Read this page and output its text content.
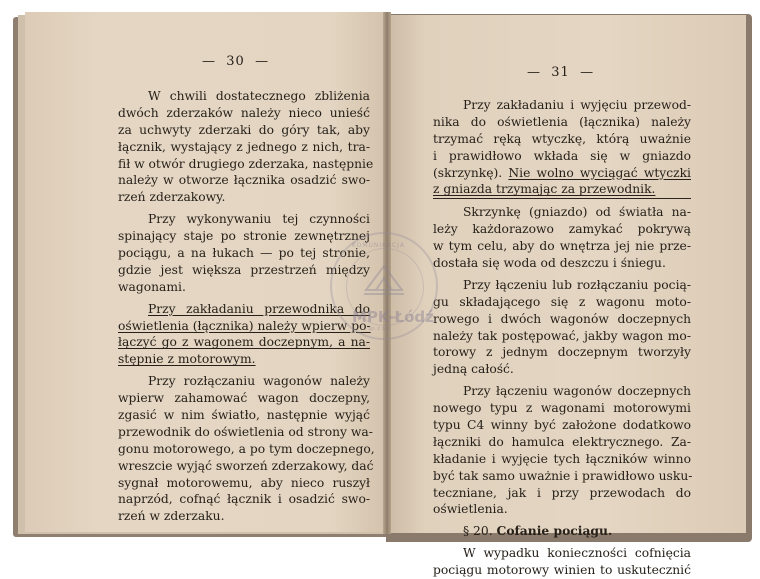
—  30  —
W chwili dostatecznego zbliżenia
dwóch zderzaków należy nieco unieść
za uchwyty zderzaki do góry tak, aby
łącznik, wystający z jednego z nich, tra-
fił w otwór drugiego zderzaka, następnie
należy w otworze łącznika osadzić swo-
rzeń zderzakowy.
Przy wykonywaniu tej czynności
spinający staje po stronie zewnętrznej
pociągu, a na łukach — po tej stronie,
gdzie jest większa przestrzeń między
wagonami.
Przy zakładaniu przewodnika do
oświetlenia (łącznika) należy wpierw po-
łączyć go z wagonem doczepnym, a na-
stępnie z motorowym.
Przy rozłączaniu wagonów należy
wpierw zahamować wagon doczepny,
zgasić w nim światło, następnie wyjąć
przewodnik do oświetlenia od strony wa-
gonu motorowego, a po tym doczepnego,
wreszcie wyjąć sworzeń zderzakowy, dać
sygnał motorowemu, aby nieco ruszył
naprzód, cofnąć łącznik i osadzić swo-
rzeń w zderzaku.
—  31  —
Przy zakładaniu i wyjęciu przewod-
nika do oświetlenia (łącznika) należy
trzymać ręką wtyczkę, którą uważnie
i prawidłowo wkłada się w gniazdo
(skrzynkę). Nie wolno wyciągać wtyczki
z gniazda trzymając za przewodnik.
Skrzynkę (gniazdo) od światła na-
leży każdorazowo zamykać pokrywą
w tym celu, aby do wnętrza jej nie prze-
dostała się woda od deszczu i śniegu.
Przy łączeniu lub rozłączaniu pocią-
gu składającego się z wagonu moto-
rowego i dwóch wagonów doczepnych
należy tak postępować, jakby wagon mo-
torowy z jednym doczepnym tworzyły
jedną całość.
Przy łączeniu wagonów doczepnych
nowego typu z wagonami motorowymi
typu C4 winny być założone dodatkowo
łączniki do hamulca elektrycznego. Za-
kładanie i wyjęcie tych łączników winno
być tak samo uważnie i prawidłowo usku-
teczniane, jak i przy przewodach do
oświetlenia.
§ 20. Cofanie pociągu.
W wypadku konieczności cofnięcia
pociągu motorowy winien to uskutecznić
KOMUNIKACJA
MPK-Łódź
Sp. z o.o.
